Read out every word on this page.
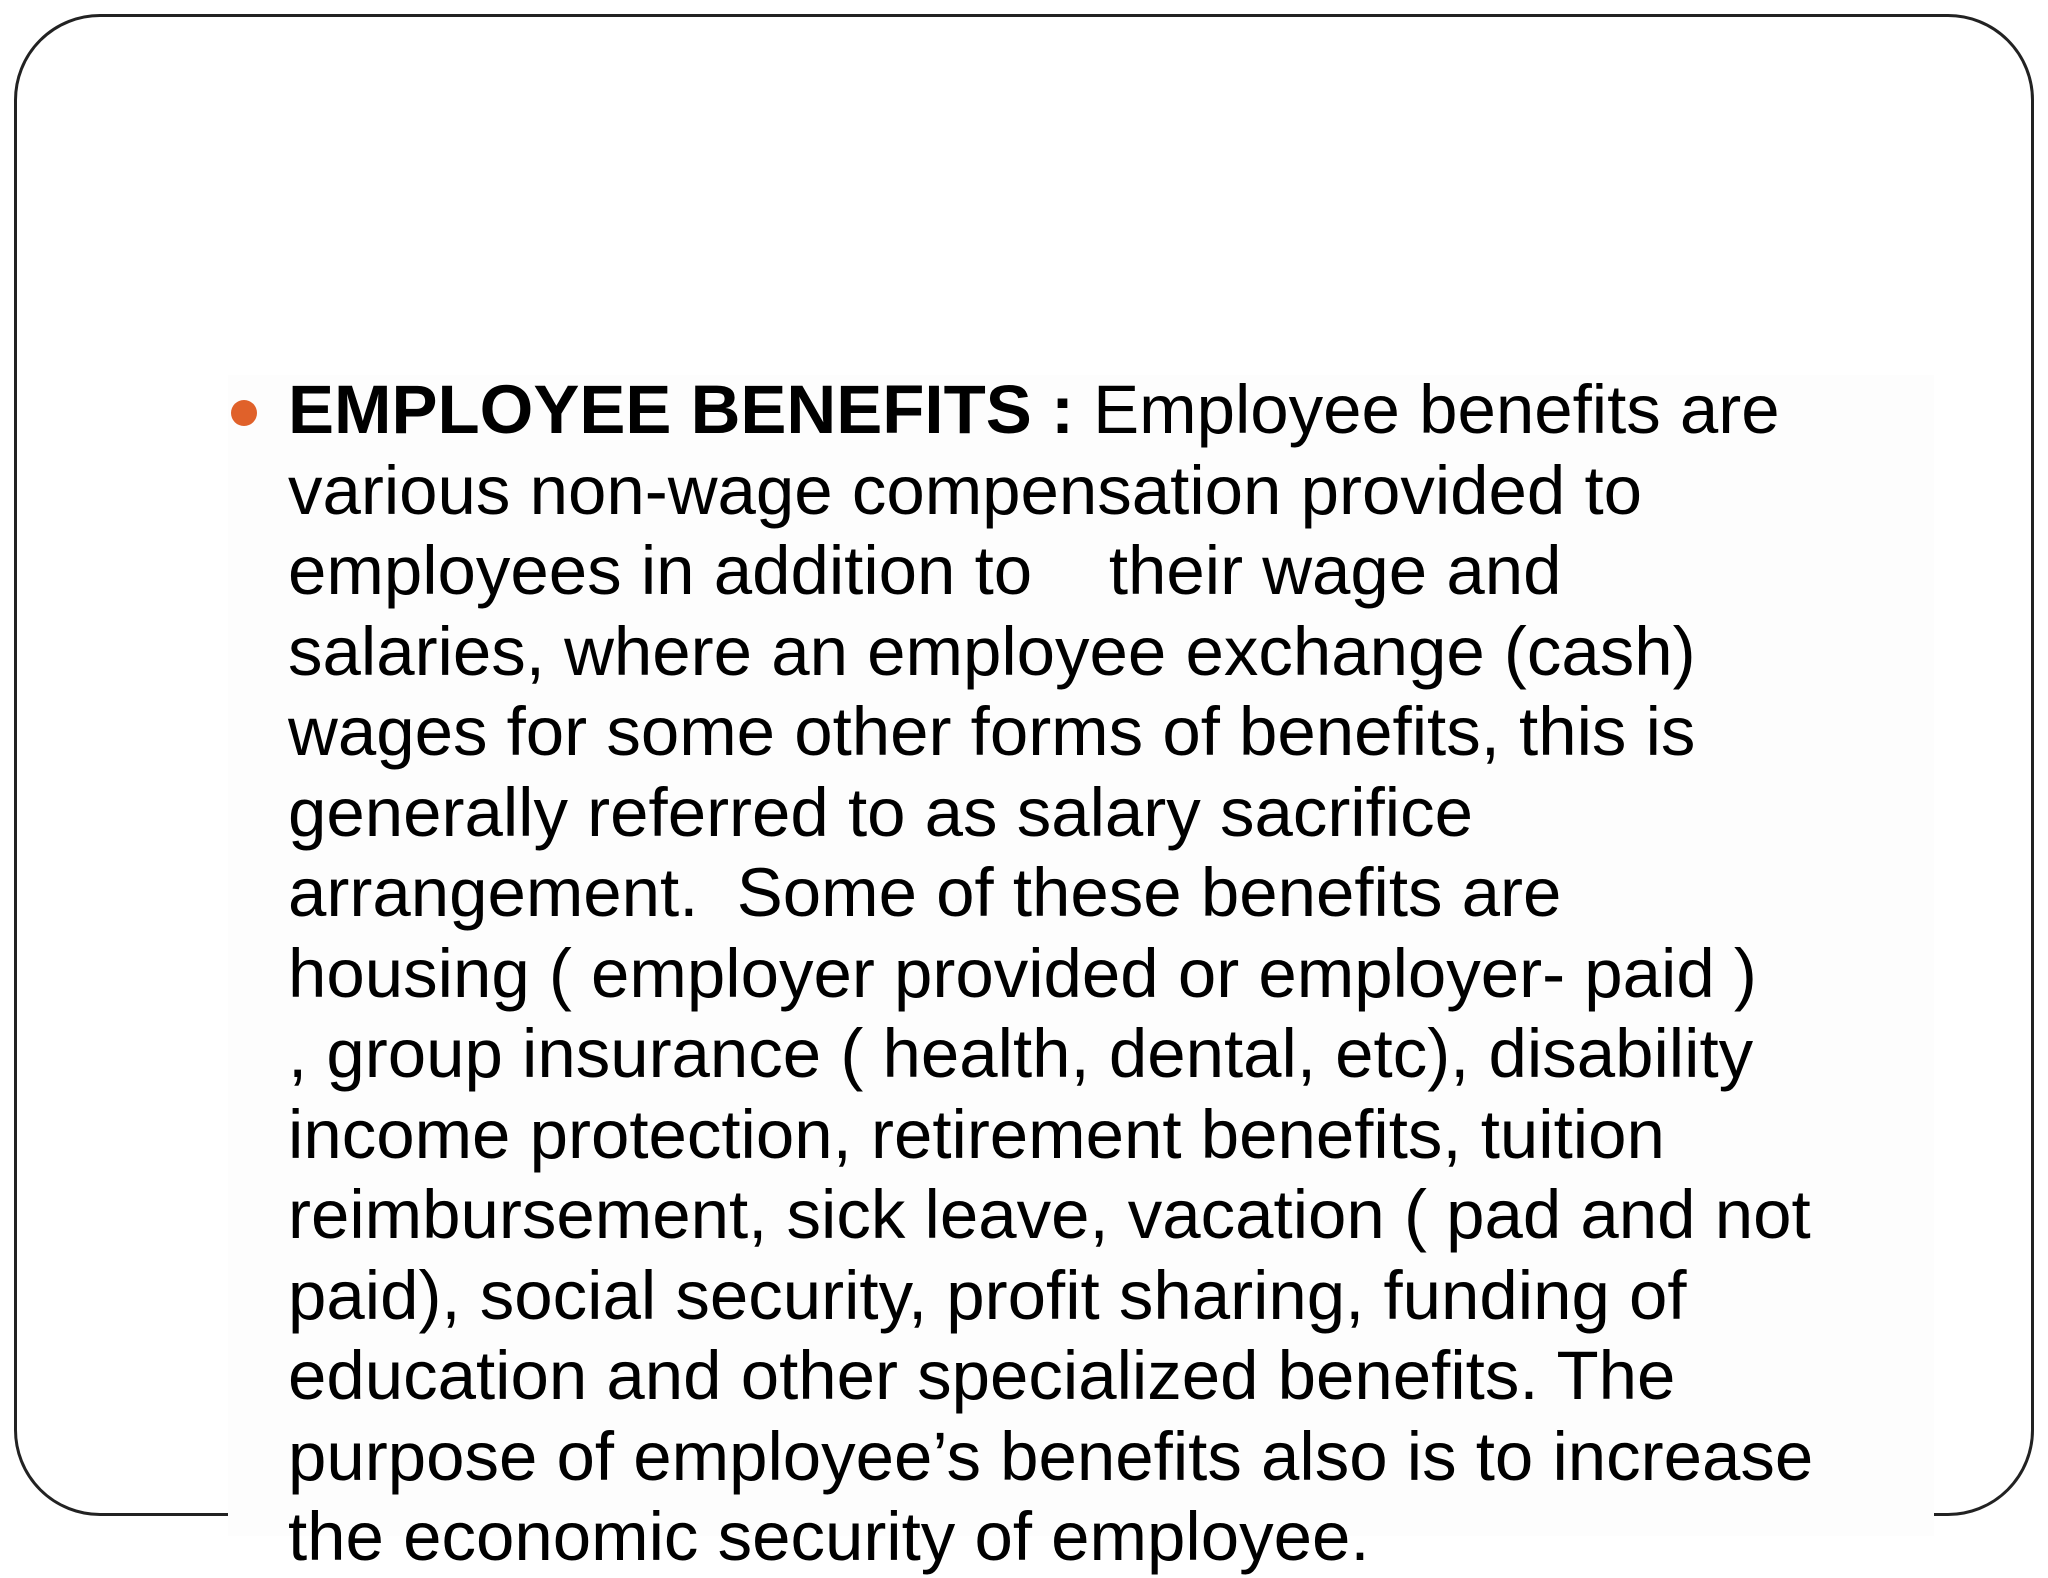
EMPLOYEE BENEFITS : Employee benefits are
various non-wage compensation provided to
employees in addition to    their wage and
salaries, where an employee exchange (cash)
wages for some other forms of benefits, this is
generally referred to as salary sacrifice
arrangement.  Some of these benefits are
housing ( employer provided or employer- paid )
, group insurance ( health, dental, etc), disability
income protection, retirement benefits, tuition
reimbursement, sick leave, vacation ( pad and not
paid), social security, profit sharing, funding of
education and other specialized benefits. The
purpose of employee’s benefits also is to increase
the economic security of employee.
